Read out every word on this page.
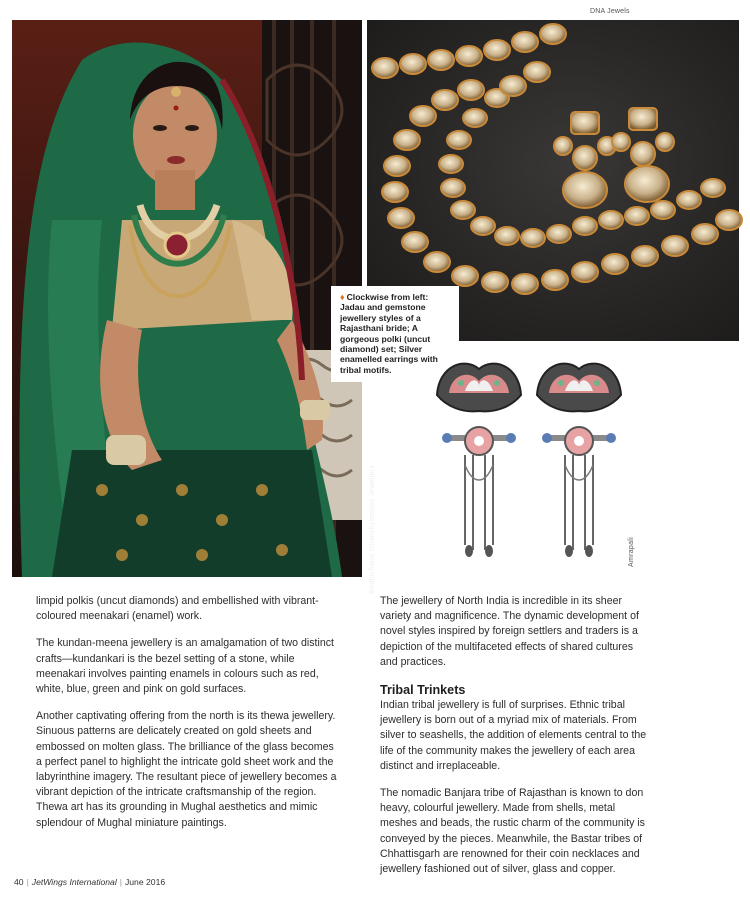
DNA Jewels
Birdhichand Ghanshyamdas Jewellers
♦ Clockwise from left: Jadau and gemstone jewellery styles of a Rajasthani bride; A gorgeous polki (uncut diamond) set; Silver enamelled earrings with tribal motifs.
Amrapali

limpid polkis (uncut diamonds) and embellished with vibrant-coloured meenakari (enamel) work.

The kundan-meena jewellery is an amalgamation of two distinct crafts—kundankari is the bezel setting of a stone, while meenakari involves painting enamels in colours such as red, white, blue, green and pink on gold surfaces.

Another captivating offering from the north is its thewa jewellery. Sinuous patterns are delicately created on gold sheets and embossed on molten glass. The brilliance of the glass becomes a perfect panel to highlight the intricate gold sheet work and the labyrinthine imagery. The resultant piece of jewellery becomes a vibrant depiction of the intricate craftsmanship of the region. Thewa art has its grounding in Mughal aesthetics and mimic splendour of Mughal miniature paintings.

The jewellery of North India is incredible in its sheer variety and magnificence. The dynamic development of novel styles inspired by foreign settlers and traders is a depiction of the multifaceted effects of shared cultures and practices.

Tribal Trinkets

Indian tribal jewellery is full of surprises. Ethnic tribal jewellery is born out of a myriad mix of materials. From silver to seashells, the addition of elements central to the life of the community makes the jewellery of each area distinct and irreplaceable.

The nomadic Banjara tribe of Rajasthan is known to don heavy, colourful jewellery. Made from shells, metal meshes and beads, the rustic charm of the community is conveyed by the pieces. Meanwhile, the Bastar tribes of Chhattisgarh are renowned for their coin necklaces and jewellery fashioned out of silver, glass and copper.

40 | JetWings International | June 2016
